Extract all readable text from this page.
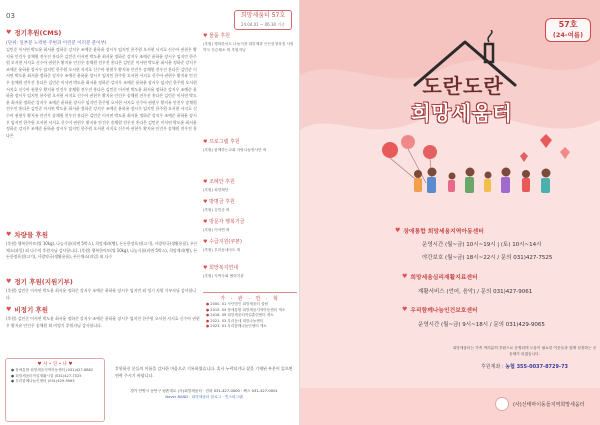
03	희망세움터 57호
24.04.01 ~ 06.30 기준
♥ 정기후원(CMS)
(단위: 일부분 노력한 주변과 이런분 이러분 분이부)
김민준 이서연 박도윤 최서윤 정하준 강지우 조예준 윤하윤 장시우 임지민 한주원 오서현 서지호 신수아 권현우 황지유 안건우 송채원 전우진 홍다은 김민준 이서연 박도윤 최서윤 정하준 강지우 조예준 윤하윤 장시우 임지민 한주원 오서현 서지호 신수아 권현우 황지유 안건우 송채원 전우진 홍다은 김민준 이서연 박도윤 최서윤 정하준 강지우 조예준 윤하윤 장시우 임지민 한주원 오서현 서지호 신수아 권현우 황지유 안건우 송채원 전우진 홍다은 김민준 이서연 박도윤 최서윤 정하준 강지우 조예준 윤하윤 장시우 임지민 한주원 오서현 서지호 신수아 권현우 황지유 안건우 송채원 전우진 홍다은 김민준 이서연 박도윤 최서윤 정하준 강지우 조예준 윤하윤 장시우 임지민 한주원 오서현 서지호 신수아 권현우 황지유 안건우 송채원 전우진 홍다은 김민준 이서연 박도윤 최서윤 정하준 강지우 조예준 윤하윤 장시우 임지민 한주원 오서현 서지호 신수아 권현우 황지유 안건우 송채원 전우진 홍다은 김민준 이서연 박도윤 최서윤 정하준 강지우 조예준 윤하윤 장시우 임지민 한주원 오서현 서지호 신수아 권현우 황지유 안건우 송채원 전우진 홍다은 김민준 이서연 박도윤 최서윤 정하준 강지우 조예준 윤하윤 장시우 임지민 한주원 오서현 서지호 신수아 권현우 황지유 안건우 송채원 전우진 홍다은 김민준 이서연 박도윤 최서윤 정하준 강지우 조예준 윤하윤 장시우 임지민 한주원 오서현 서지호 신수아 권현우 황지유 안건우 송채원 전우진 홍다은 김민준 이서연 박도윤 최서윤 정하준 강지우 조예준 윤하윤 장시우 임지민 한주원 오서현 서지호 신수아 권현우 황지유 안건우 송채원 전우진 홍다은
♥ 차량물 후원
(후원) 행복한마트(쌀 10kg), 나눔식품(라면 5박스), 희망제과(빵), 든든한정육점(고기), 사랑약국(생활용품), 푸른채소(과일) 외 다수의 후원자님 감사합니다. (후원) 행복한마트(쌀 10kg), 나눔식품(라면 5박스), 희망제과(빵), 든든한정육점(고기), 사랑약국(생활용품), 푸른채소(과일) 외 다수
♥ 정기 후원(지원기부)
(후원) 김민준 이서연 박도윤 최서윤 정하준 강지우 조예준 윤하윤 장시우 임지민 외 정기 지원 기부자님 감사합니다.
♥ 비정기 후원
(후원) 김민준 이서연 박도윤 최서윤 정하준 강지우 조예준 윤하윤 장시우 임지민 한주원 오서현 서지호 신수아 권현우 황지유 안건우 송채원 외 비정기 후원자님 감사합니다.
♥ 물품 후원
(후원) 행복한마트 나눔식품 희망제과 든든한정육점 사랑약국 푸른채소 외 후원자님
♥ 프로그램 후원
(후원) 함께하는교회 사랑나눔봉사단 외
♥ 조례안 후원
(후원) 희망재단
♥ 방명금 후원
(후원) 김민준 외
♥ 방문자 행복기금
(후원) 이서연 외
♥ 수급지원(쿠폰)
(후원) 우리동네마트 외
♥ 희망복지연대
(후원) 지역사회 협력기관
가 · 관 · 연 · 혁
● 2000. 01 사단법인 희망세움터 설립
● 2015. 04 장애통합 희망세움지역아동센터 개소
● 2018. 09 희망세움터직업훈련센터 개소
● 2021. 03 우리동네 희망나눔센터
● 2023. 01 우리함께나눔인센터 개소
후원하신 분들의 이름을 감사한 마음으로 기록하였습니다. 혹시 누락되거나 잘못 기재된 부분이 있으면 연락 주시기 바랍니다.
♥ 사 • 연 • 나 ♥
● 장애통합 희망세움지역아동센터 (031)427-6882
● 희망세움터직업재활시설 (031)427-7525
● 우리함께나눔인센터 (031)429-9065
경기 안양시 동안구 평촌대로 (사)희망세움터 · 전화 031-427-0000 · 팩스 031-427-0001
Naver BAND · 희망세움터 블로그 · 인스타그램
57호
(24-여름)
도란도란
희망세움터
♥ 장애통합 희망세움지역아동센터
운영시간 (월~금) 10시~19시 | (토) 10시~14시
야간보호 (월~금) 18시~22시 / 문의 031)427-7525
♥ 희망세움심리재활지료센터
재활서비스 (언어, 음악) / 문의 031)427-9061
♥ 우리함께나눔인건보호센터
운영시간 (월~금) 9시~18시 / 문의 031)429-9065
희망세움터는 가족 여러분의 후원으로 운영되며 도움이 필요한 이웃들과 함께 성장하는 공동체가 되겠습니다.
후원계좌 : 농협 355-0037-8729-73
(사)신태마이동들지역희망세움터
